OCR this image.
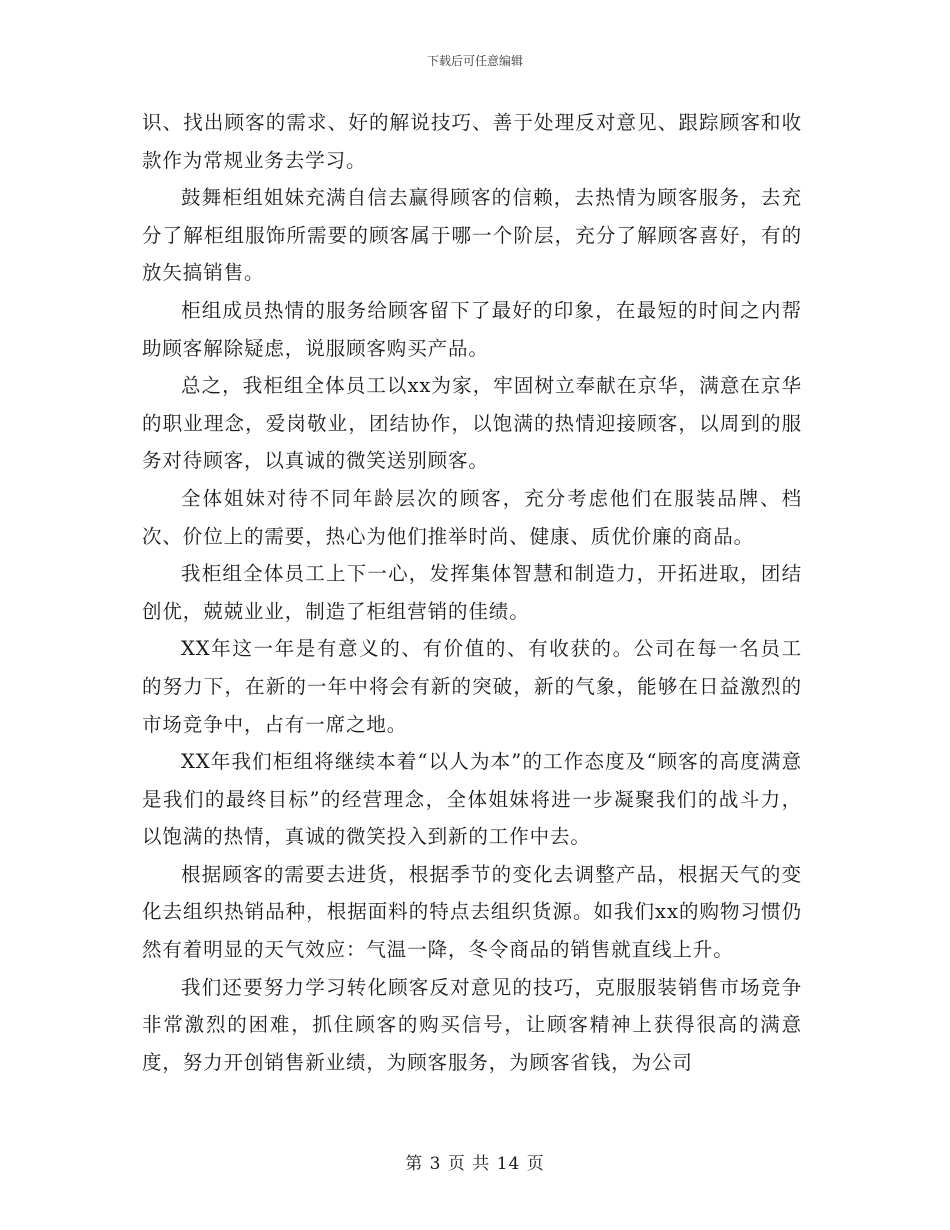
下载后可任意编辑

识、找出顾客的需求、好的解说技巧、善于处理反对意见、跟踪顾客和收款作为常规业务去学习。

鼓舞柜组姐妹充满自信去赢得顾客的信赖，去热情为顾客服务，去充分了解柜组服饰所需要的顾客属于哪一个阶层，充分了解顾客喜好，有的放矢搞销售。

柜组成员热情的服务给顾客留下了最好的印象，在最短的时间之内帮助顾客解除疑虑，说服顾客购买产品。

总之，我柜组全体员工以xx为家，牢固树立奉献在京华，满意在京华的职业理念，爱岗敬业，团结协作，以饱满的热情迎接顾客，以周到的服务对待顾客，以真诚的微笑送别顾客。

全体姐妹对待不同年龄层次的顾客，充分考虑他们在服装品牌、档次、价位上的需要，热心为他们推举时尚、健康、质优价廉的商品。

我柜组全体员工上下一心，发挥集体智慧和制造力，开拓进取，团结创优，兢兢业业，制造了柜组营销的佳绩。

XX年这一年是有意义的、有价值的、有收获的。公司在每一名员工的努力下，在新的一年中将会有新的突破，新的气象，能够在日益激烈的市场竞争中，占有一席之地。

XX年我们柜组将继续本着“以人为本”的工作态度及“顾客的高度满意是我们的最终目标”的经营理念，全体姐妹将进一步凝聚我们的战斗力，以饱满的热情，真诚的微笑投入到新的工作中去。

根据顾客的需要去进货，根据季节的变化去调整产品，根据天气的变化去组织热销品种，根据面料的特点去组织货源。如我们xx的购物习惯仍然有着明显的天气效应：气温一降，冬令商品的销售就直线上升。

我们还要努力学习转化顾客反对意见的技巧，克服服装销售市场竞争非常激烈的困难，抓住顾客的购买信号，让顾客精神上获得很高的满意度，努力开创销售新业绩，为顾客服务，为顾客省钱，为公司

第 3 页 共 14 页
